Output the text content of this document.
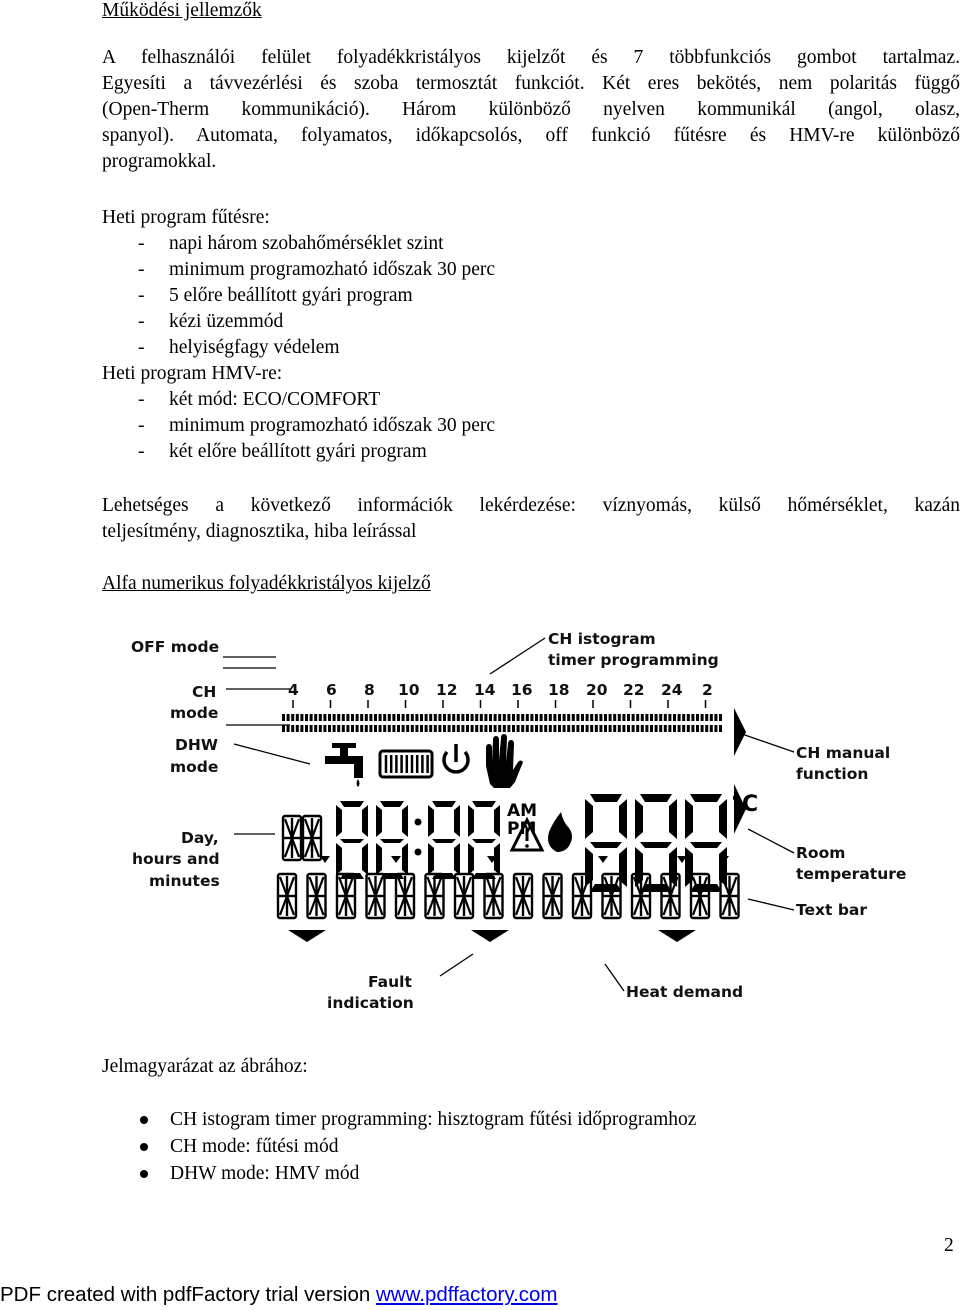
Működési jellemzők
A felhasználói felület folyadékkristályos kijelzőt és 7 többfunkciós gombot tartalmaz.
Egyesíti a távvezérlési és szoba termosztát funkciót. Két eres bekötés, nem polaritás függő
(Open-Therm kommunikáció). Három különböző nyelven kommunikál (angol, olasz,
spanyol). Automata, folyamatos, időkapcsolós, off funkció fűtésre és HMV-re különböző
programokkal.
Heti program fűtésre:
- napi három szobahőmérséklet szint
- minimum programozható időszak 30 perc
- 5 előre beállított gyári program
- kézi üzemmód
- helyiségfagy védelem
Heti program HMV-re:
- két mód: ECO/COMFORT
- minimum programozható időszak 30 perc
- két előre beállított gyári program
Lehetséges a következő információk lekérdezése: víznyomás, külső hőmérséklet, kazán
teljesítmény, diagnosztika, hiba leírással
Alfa numerikus folyadékkristályos kijelző
OFF mode
CH
mode
DHW
mode
Day,
hours and
minutes
CH istogram
timer programming
CH manual
function
Room
temperature
Text bar
Fault
indication
Heat demand
4 6 8 10 12 14 16 18 20 22 24 2
AM
PM
°C
Jelmagyarázat az ábrához:
CH istogram timer programming: hisztogram fűtési időprogramhoz
CH mode: fűtési mód
DHW mode: HMV mód
2
PDF created with pdfFactory trial version www.pdffactory.com
